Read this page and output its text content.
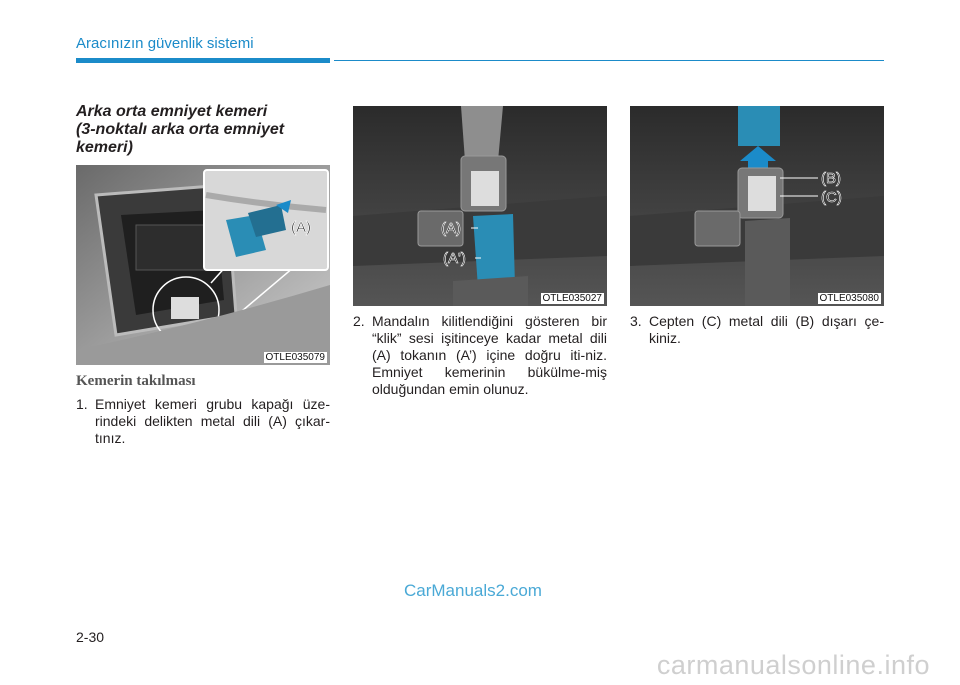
Aracınızın güvenlik sistemi
Arka orta emniyet kemeri
(3-noktalı arka orta emniyet
kemeri)
(A)
OTLE035079
(A)
(A')
OTLE035027
(B)
(C)
OTLE035080
Kemerin takılması
1. Emniyet kemeri grubu kapağı üze-rindeki delikten metal dili (A) çıkar-tınız.
2. Mandalın kilitlendiğini gösteren bir “klik” sesi işitinceye kadar metal dili (A) tokanın (A’) içine doğru iti-niz. Emniyet kemerinin bükülme-miş olduğundan emin olunuz.
3. Cepten (C) metal dili (B) dışarı çe-kiniz.
CarManuals2.com
2-30
carmanualsonline.info
